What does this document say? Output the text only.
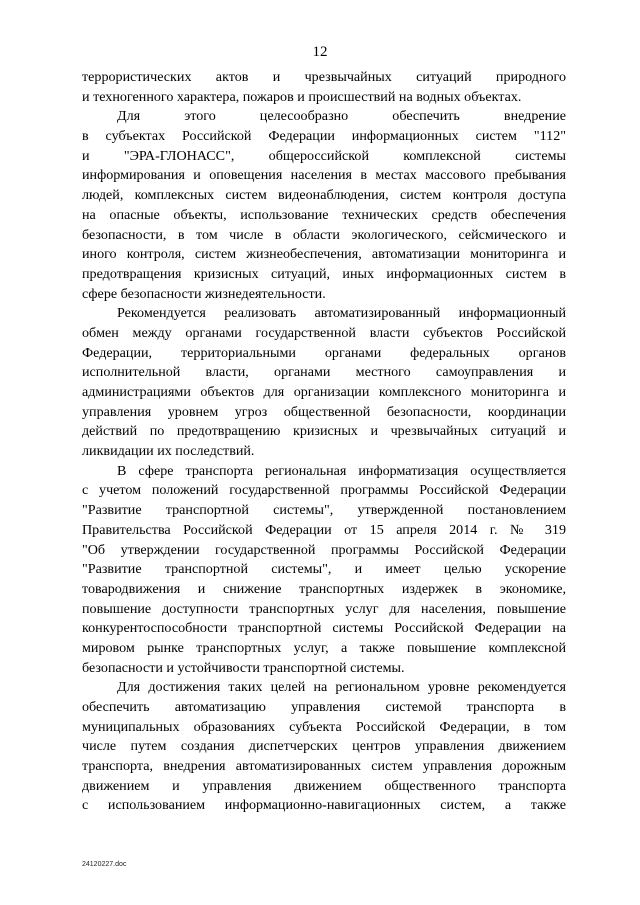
12
террористических актов и чрезвычайных ситуаций природного
и техногенного характера, пожаров и происшествий на водных объектах.
Для этого целесообразно обеспечить внедрение
в субъектах Российской Федерации информационных систем "112"
и "ЭРА-ГЛОНАСС", общероссийской комплексной системы
информирования и оповещения населения в местах массового пребывания
людей, комплексных систем видеонаблюдения, систем контроля доступа
на опасные объекты, использование технических средств обеспечения
безопасности, в том числе в области экологического, сейсмического и
иного контроля, систем жизнеобеспечения, автоматизации мониторинга и
предотвращения кризисных ситуаций, иных информационных систем в
сфере безопасности жизнедеятельности.
Рекомендуется реализовать автоматизированный информационный
обмен между органами государственной власти субъектов Российской
Федерации, территориальными органами федеральных органов
исполнительной власти, органами местного самоуправления и
администрациями объектов для организации комплексного мониторинга и
управления уровнем угроз общественной безопасности, координации
действий по предотвращению кризисных и чрезвычайных ситуаций и
ликвидации их последствий.
В сфере транспорта региональная информатизация осуществляется
с учетом положений государственной программы Российской Федерации
"Развитие транспортной системы", утвержденной постановлением
Правительства Российской Федерации от 15 апреля 2014 г. № 319
"Об утверждении государственной программы Российской Федерации
"Развитие транспортной системы", и имеет целью ускорение
товародвижения и снижение транспортных издержек в экономике,
повышение доступности транспортных услуг для населения, повышение
конкурентоспособности транспортной системы Российской Федерации на
мировом рынке транспортных услуг, а также повышение комплексной
безопасности и устойчивости транспортной системы.
Для достижения таких целей на региональном уровне рекомендуется
обеспечить автоматизацию управления системой транспорта в
муниципальных образованиях субъекта Российской Федерации, в том
числе путем создания диспетчерских центров управления движением
транспорта, внедрения автоматизированных систем управления дорожным
движением и управления движением общественного транспорта
с использованием информационно-навигационных систем, а также
24120227.doc
